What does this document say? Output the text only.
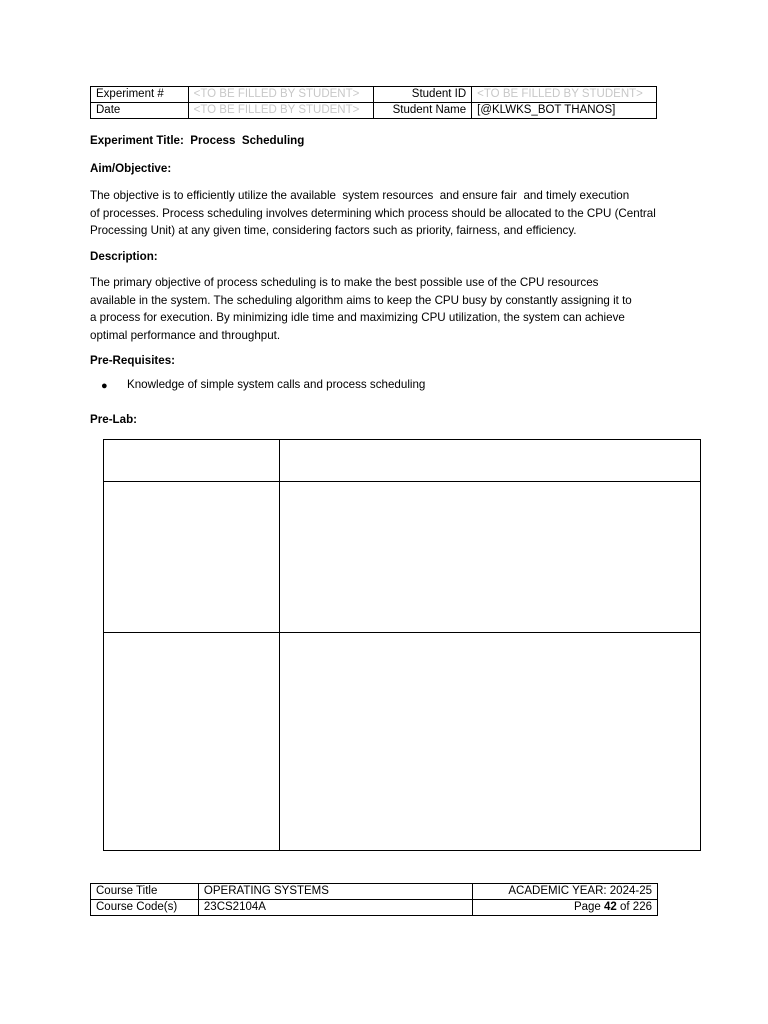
Experiment #	<TO BE FILLED BY STUDENT>	Student ID	<TO BE FILLED BY STUDENT>
Date	<TO BE FILLED BY STUDENT>	Student Name	[@KLWKS_BOT THANOS]
Experiment Title:  Process  Scheduling
Aim/Objective:
The objective is to efficiently utilize the available  system resources  and ensure fair  and timely execution
of processes. Process scheduling involves determining which process should be allocated to the CPU (Central
Processing Unit) at any given time, considering factors such as priority, fairness, and efficiency.
Description:
The primary objective of process scheduling is to make the best possible use of the CPU resources
available in the system. The scheduling algorithm aims to keep the CPU busy by constantly assigning it to
a process for execution. By minimizing idle time and maximizing CPU utilization, the system can achieve
optimal performance and throughput.
Pre-Requisites:
● Knowledge of simple system calls and process scheduling
Pre-Lab:

Course Title	OPERATING SYSTEMS	ACADEMIC YEAR: 2024-25
Course Code(s)	23CS2104A	Page 42 of 226
